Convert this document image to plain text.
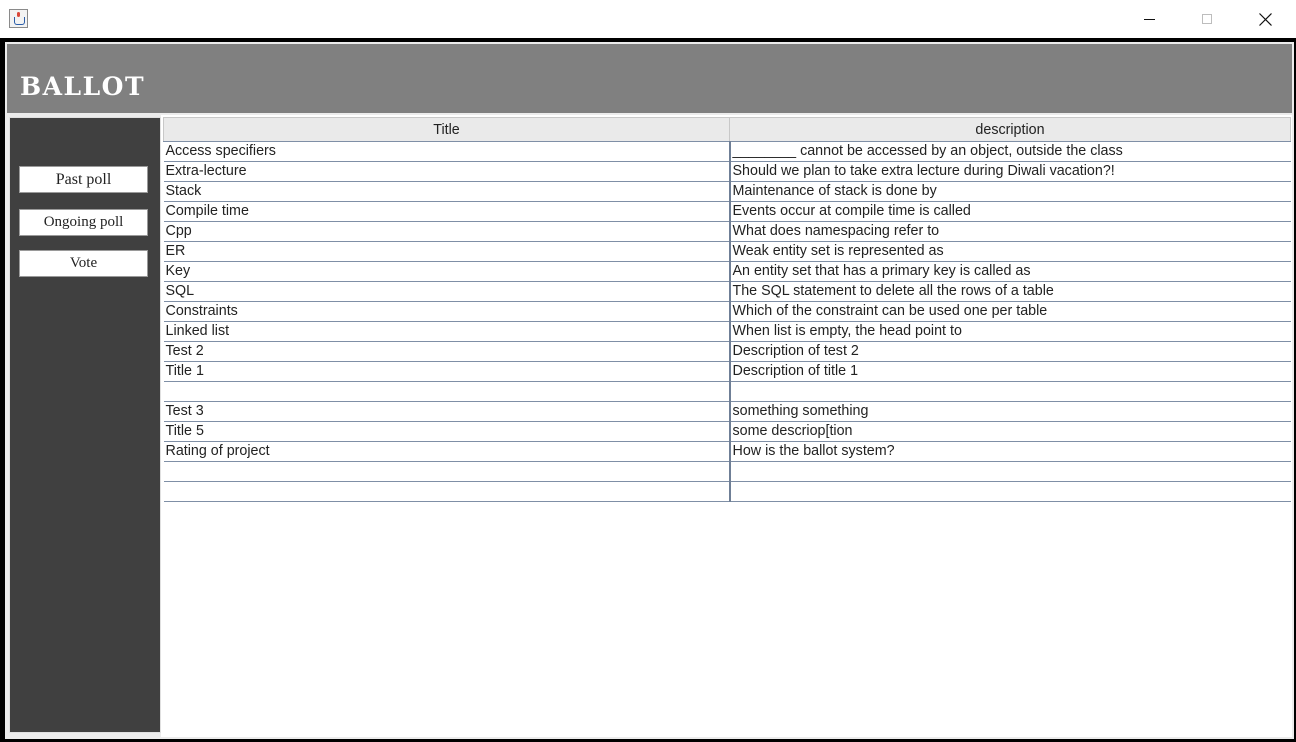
BALLOT
Past poll
Ongoing poll
Vote
Title	description
Access specifiers	________ cannot be accessed by an object, outside the class
Extra-lecture	Should we plan to take extra lecture during Diwali vacation?!
Stack	Maintenance of stack is done by
Compile time	Events occur at compile time is called
Cpp	What does namespacing refer to
ER	Weak entity set is represented as
Key	An entity set that has a primary key is called as
SQL	The SQL statement to delete all the rows of a table
Constraints	Which of the constraint can be used one per table
Linked list	When list is empty, the head point to
Test 2	Description of test 2
Title 1	Description of title 1

Test 3	something something
Title 5	some descriop[tion
Rating of project	How is the ballot system?
